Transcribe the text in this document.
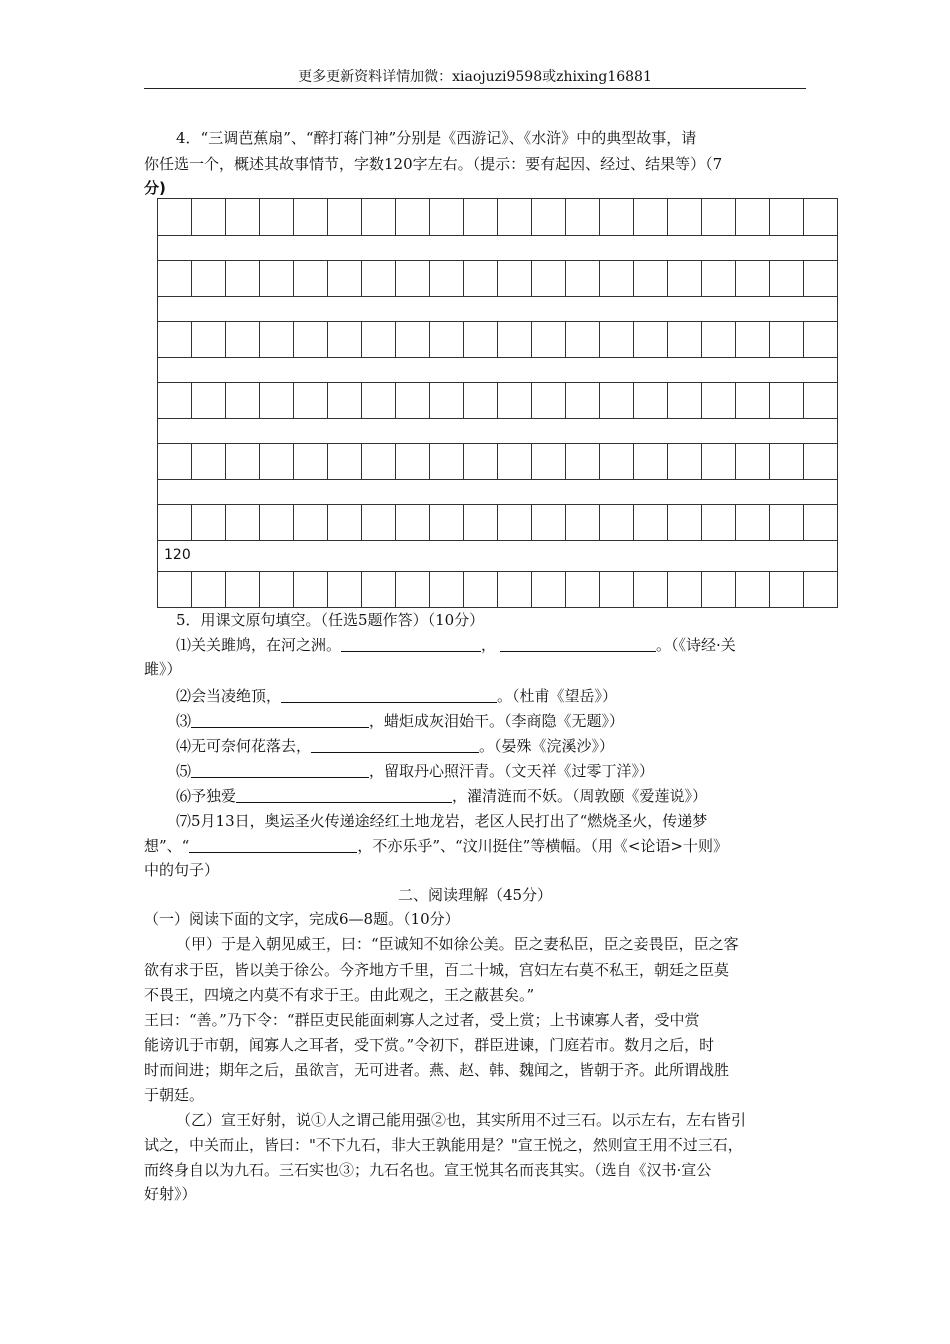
更多更新资料详情加微：xiaojuzi9598或zhixing16881
4．“三调芭蕉扇”、“醉打蒋门神”分别是《西游记》、《水浒》中的典型故事，请
你任选一个，概述其故事情节，字数120字左右。（提示：要有起因、经过、结果等）（7
分)
120
5．用课文原句填空。（任选5题作答）（10分）
⑴关关雎鸠，在河之洲。	，	。（《诗经·关
雎》）
⑵会当凌绝顶，	。（杜甫《望岳》）
⑶	，蜡炬成灰泪始干。（李商隐《无题》）
⑷无可奈何花落去，	。（晏殊《浣溪沙》）
⑸	，留取丹心照汗青。（文天祥《过零丁洋》）
⑹予独爱	，濯清涟而不妖。（周敦颐《爱莲说》）
⑺5月13日，奥运圣火传递途经红土地龙岩，老区人民打出了“燃烧圣火，传递梦
想”、“	，不亦乐乎”、“汶川挺住”等横幅。（用《<论语>十则》
中的句子）
二、阅读理解（45分）
（一）阅读下面的文字，完成6—8题。（10分）
（甲）于是入朝见威王，曰：“臣诚知不如徐公美。臣之妻私臣，臣之妾畏臣，臣之客
欲有求于臣，皆以美于徐公。今齐地方千里，百二十城，宫妇左右莫不私王，朝廷之臣莫
不畏王，四境之内莫不有求于王。由此观之，王之蔽甚矣。”
王曰：“善。”乃下令：“群臣吏民能面刺寡人之过者，受上赏；上书谏寡人者，受中赏
能谤讥于市朝，闻寡人之耳者，受下赏。”令初下，群臣进谏，门庭若市。数月之后，时
时而间进；期年之后，虽欲言，无可进者。燕、赵、韩、魏闻之，皆朝于齐。此所谓战胜
于朝廷。
（乙）宣王好射，说①人之谓己能用强②也，其实所用不过三石。以示左右，左右皆引
试之，中关而止，皆曰："不下九石，非大王孰能用是？"宣王悦之，然则宣王用不过三石，
而终身自以为九石。三石实也③；九石名也。宣王悦其名而丧其实。（选自《汉书·宣公
好射》）
